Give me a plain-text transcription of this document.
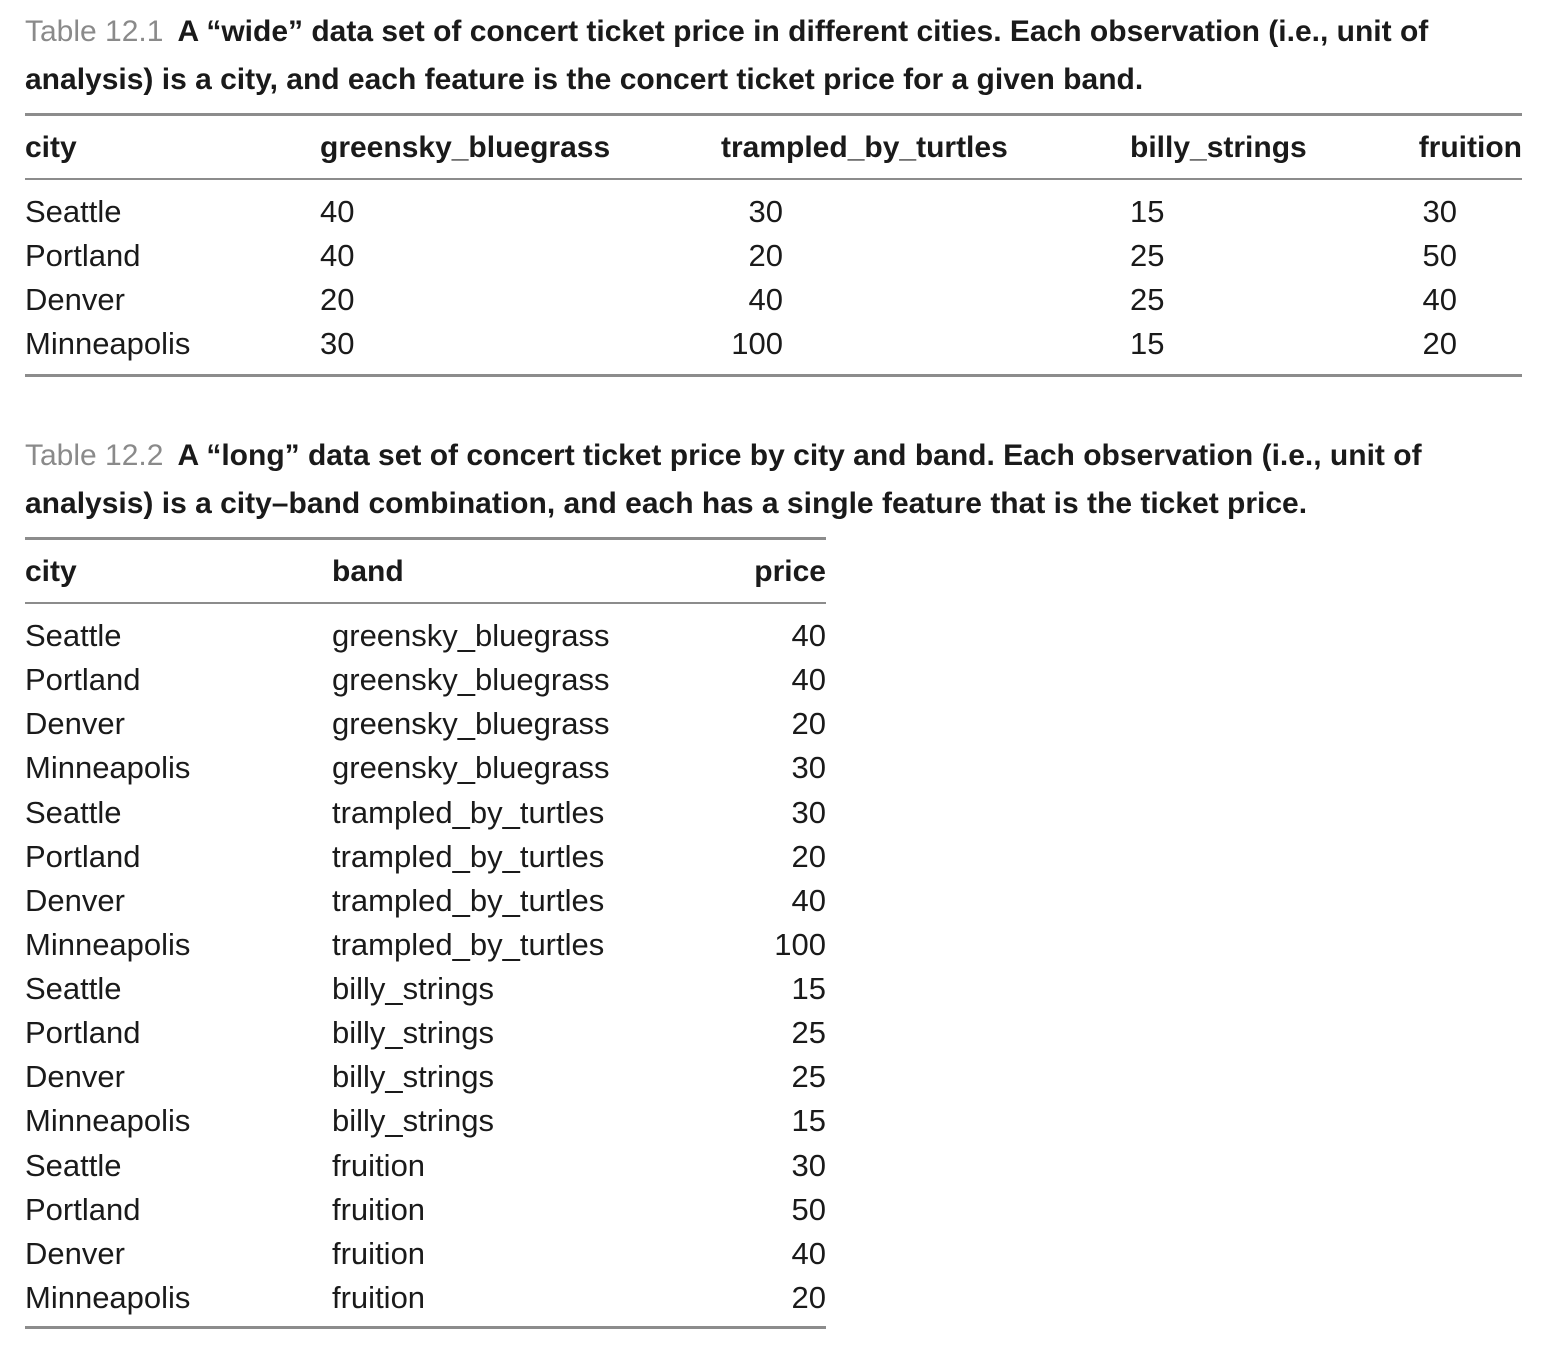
Table 12.1 A “wide” data set of concert ticket price in different cities. Each observation (i.e., unit of analysis) is a city, and each feature is the concert ticket price for a given band.
city	greensky_bluegrass	trampled_by_turtles	billy_strings	fruition
Seattle	40	30	15	30
Portland	40	20	25	50
Denver	20	40	25	40
Minneapolis	30	100	15	20
Table 12.2 A “long” data set of concert ticket price by city and band. Each observation (i.e., unit of analysis) is a city–band combination, and each has a single feature that is the ticket price.
city	band	price
Seattle	greensky_bluegrass	40
Portland	greensky_bluegrass	40
Denver	greensky_bluegrass	20
Minneapolis	greensky_bluegrass	30
Seattle	trampled_by_turtles	30
Portland	trampled_by_turtles	20
Denver	trampled_by_turtles	40
Minneapolis	trampled_by_turtles	100
Seattle	billy_strings	15
Portland	billy_strings	25
Denver	billy_strings	25
Minneapolis	billy_strings	15
Seattle	fruition	30
Portland	fruition	50
Denver	fruition	40
Minneapolis	fruition	20
